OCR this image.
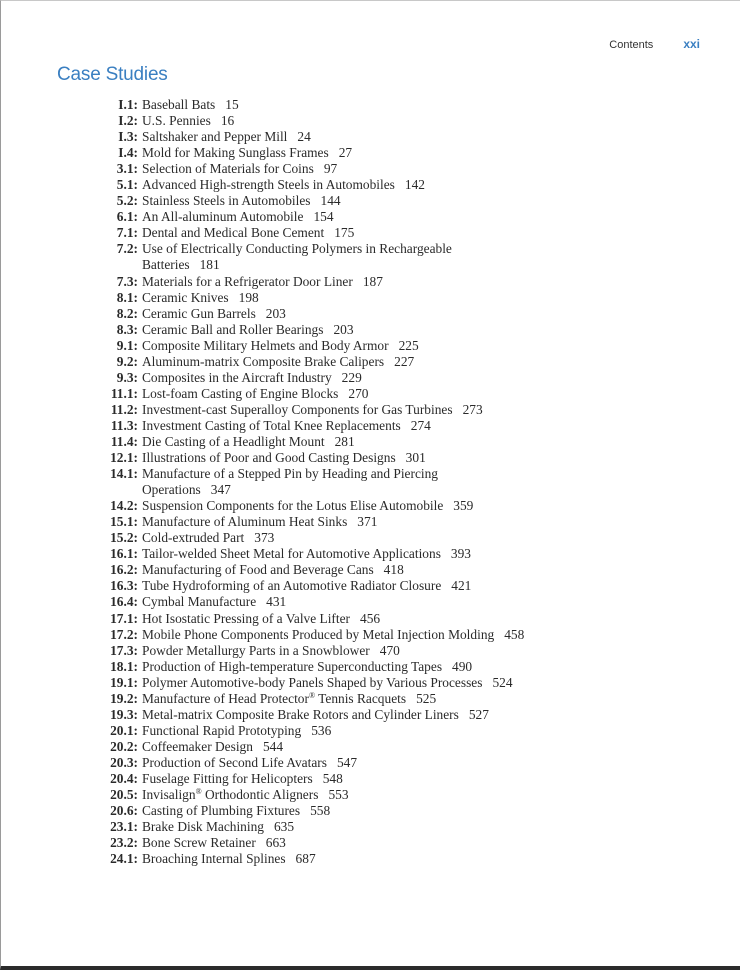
Contents	xxi
Case Studies
I.1: Baseball Bats 15
I.2: U.S. Pennies 16
I.3: Saltshaker and Pepper Mill 24
I.4: Mold for Making Sunglass Frames 27
3.1: Selection of Materials for Coins 97
5.1: Advanced High-strength Steels in Automobiles 142
5.2: Stainless Steels in Automobiles 144
6.1: An All-aluminum Automobile 154
7.1: Dental and Medical Bone Cement 175
7.2: Use of Electrically Conducting Polymers in Rechargeable Batteries 181
7.3: Materials for a Refrigerator Door Liner 187
8.1: Ceramic Knives 198
8.2: Ceramic Gun Barrels 203
8.3: Ceramic Ball and Roller Bearings 203
9.1: Composite Military Helmets and Body Armor 225
9.2: Aluminum-matrix Composite Brake Calipers 227
9.3: Composites in the Aircraft Industry 229
11.1: Lost-foam Casting of Engine Blocks 270
11.2: Investment-cast Superalloy Components for Gas Turbines 273
11.3: Investment Casting of Total Knee Replacements 274
11.4: Die Casting of a Headlight Mount 281
12.1: Illustrations of Poor and Good Casting Designs 301
14.1: Manufacture of a Stepped Pin by Heading and Piercing Operations 347
14.2: Suspension Components for the Lotus Elise Automobile 359
15.1: Manufacture of Aluminum Heat Sinks 371
15.2: Cold-extruded Part 373
16.1: Tailor-welded Sheet Metal for Automotive Applications 393
16.2: Manufacturing of Food and Beverage Cans 418
16.3: Tube Hydroforming of an Automotive Radiator Closure 421
16.4: Cymbal Manufacture 431
17.1: Hot Isostatic Pressing of a Valve Lifter 456
17.2: Mobile Phone Components Produced by Metal Injection Molding 458
17.3: Powder Metallurgy Parts in a Snowblower 470
18.1: Production of High-temperature Superconducting Tapes 490
19.1: Polymer Automotive-body Panels Shaped by Various Processes 524
19.2: Manufacture of Head Protector® Tennis Racquets 525
19.3: Metal-matrix Composite Brake Rotors and Cylinder Liners 527
20.1: Functional Rapid Prototyping 536
20.2: Coffeemaker Design 544
20.3: Production of Second Life Avatars 547
20.4: Fuselage Fitting for Helicopters 548
20.5: Invisalign® Orthodontic Aligners 553
20.6: Casting of Plumbing Fixtures 558
23.1: Brake Disk Machining 635
23.2: Bone Screw Retainer 663
24.1: Broaching Internal Splines 687
